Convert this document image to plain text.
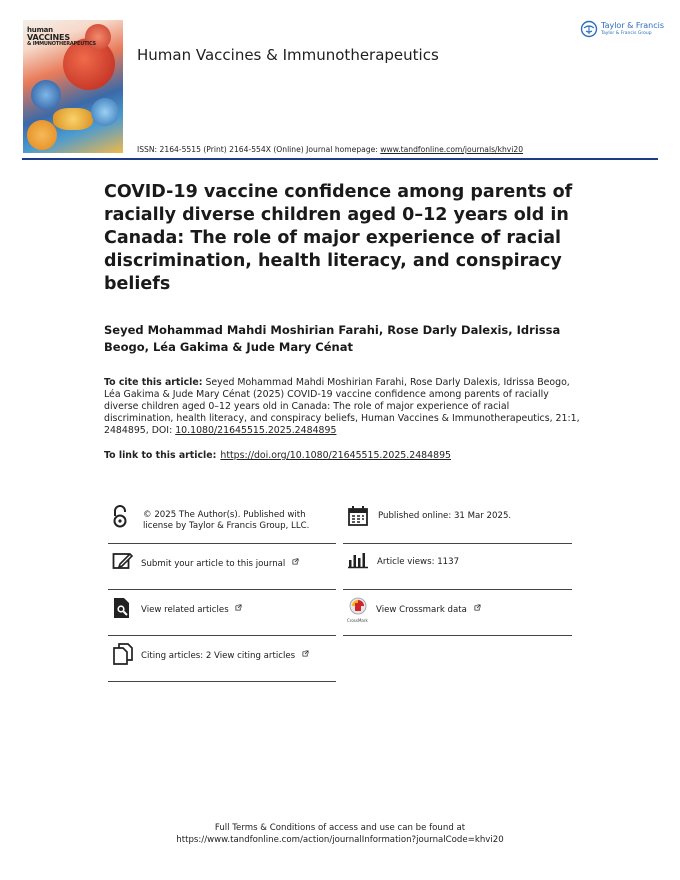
human
VACCINES
& IMMUNOTHERAPEUTICS
Human Vaccines & Immunotherapeutics
Taylor & Francis
Taylor & Francis Group
ISSN: 2164-5515 (Print) 2164-554X (Online) Journal homepage: www.tandfonline.com/journals/khvi20
COVID-19 vaccine confidence among parents of racially diverse children aged 0–12 years old in Canada: The role of major experience of racial discrimination, health literacy, and conspiracy beliefs
Seyed Mohammad Mahdi Moshirian Farahi, Rose Darly Dalexis, Idrissa Beogo, Léa Gakima & Jude Mary Cénat
To cite this article: Seyed Mohammad Mahdi Moshirian Farahi, Rose Darly Dalexis, Idrissa Beogo, Léa Gakima & Jude Mary Cénat (2025) COVID-19 vaccine confidence among parents of racially diverse children aged 0–12 years old in Canada: The role of major experience of racial discrimination, health literacy, and conspiracy beliefs, Human Vaccines & Immunotherapeutics, 21:1, 2484895, DOI: 10.1080/21645515.2025.2484895
To link to this article: https://doi.org/10.1080/21645515.2025.2484895
© 2025 The Author(s). Published with license by Taylor & Francis Group, LLC.
Published online: 31 Mar 2025.
Submit your article to this journal	Article views: 1137
View related articles
CrossMark
View Crossmark data
Citing articles: 2 View citing articles
Full Terms & Conditions of access and use can be found at
https://www.tandfonline.com/action/journalInformation?journalCode=khvi20
